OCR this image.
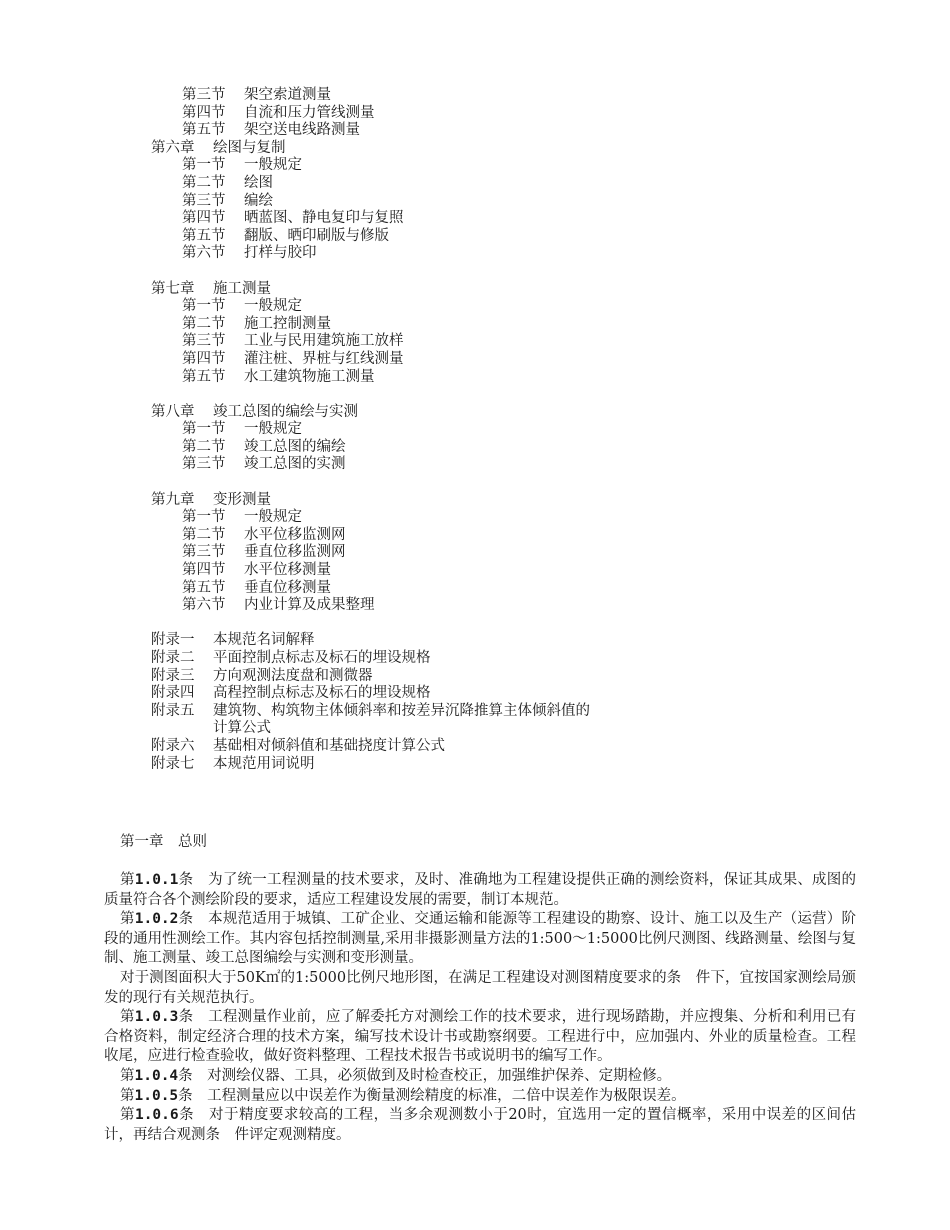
第三节 架空索道测量
第四节 自流和压力管线测量
第五节 架空送电线路测量
第六章 绘图与复制
第一节 一般规定
第二节 绘图
第三节 编绘
第四节 晒蓝图、静电复印与复照
第五节 翻版、晒印刷版与修版
第六节 打样与胶印
第七章 施工测量
第一节 一般规定
第二节 施工控制测量
第三节 工业与民用建筑施工放样
第四节 灌注桩、界桩与红线测量
第五节 水工建筑物施工测量
第八章 竣工总图的编绘与实测
第一节 一般规定
第二节 竣工总图的编绘
第三节 竣工总图的实测
第九章 变形测量
第一节 一般规定
第二节 水平位移监测网
第三节 垂直位移监测网
第四节 水平位移测量
第五节 垂直位移测量
第六节 内业计算及成果整理
附录一 本规范名词解释
附录二 平面控制点标志及标石的埋设规格
附录三 方向观测法度盘和测微器
附录四 高程控制点标志及标石的埋设规格
附录五 建筑物、构筑物主体倾斜率和按差异沉降推算主体倾斜值的
计算公式
附录六 基础相对倾斜值和基础挠度计算公式
附录七 本规范用词说明
第一章　总则
第1.0.1条　为了统一工程测量的技术要求，及时、准确地为工程建设提供正确的测绘资料，保证其成果、成图的质量符合各个测绘阶段的要求，适应工程建设发展的需要，制订本规范。
第1.0.2条　本规范适用于城镇、工矿企业、交通运输和能源等工程建设的勘察、设计、施工以及生产（运营）阶段的通用性测绘工作。其内容包括控制测量,采用非摄影测量方法的1:500～1:5000比例尺测图、线路测量、绘图与复制、施工测量、竣工总图编绘与实测和变形测量。
对于测图面积大于50K㎡的1:5000比例尺地形图，在满足工程建设对测图精度要求的条　件下，宜按国家测绘局颁发的现行有关规范执行。
第1.0.3条　工程测量作业前，应了解委托方对测绘工作的技术要求，进行现场踏勘，并应搜集、分析和利用已有合格资料，制定经济合理的技术方案，编写技术设计书或勘察纲要。工程进行中，应加强内、外业的质量检查。工程收尾，应进行检查验收，做好资料整理、工程技术报告书或说明书的编写工作。
第1.0.4条　对测绘仪器、工具，必须做到及时检查校正，加强维护保养、定期检修。
第1.0.5条　工程测量应以中误差作为衡量测绘精度的标准，二倍中误差作为极限误差。
第1.0.6条　对于精度要求较高的工程，当多余观测数小于20时，宜选用一定的置信概率，采用中误差的区间估计，再结合观测条　件评定观测精度。
